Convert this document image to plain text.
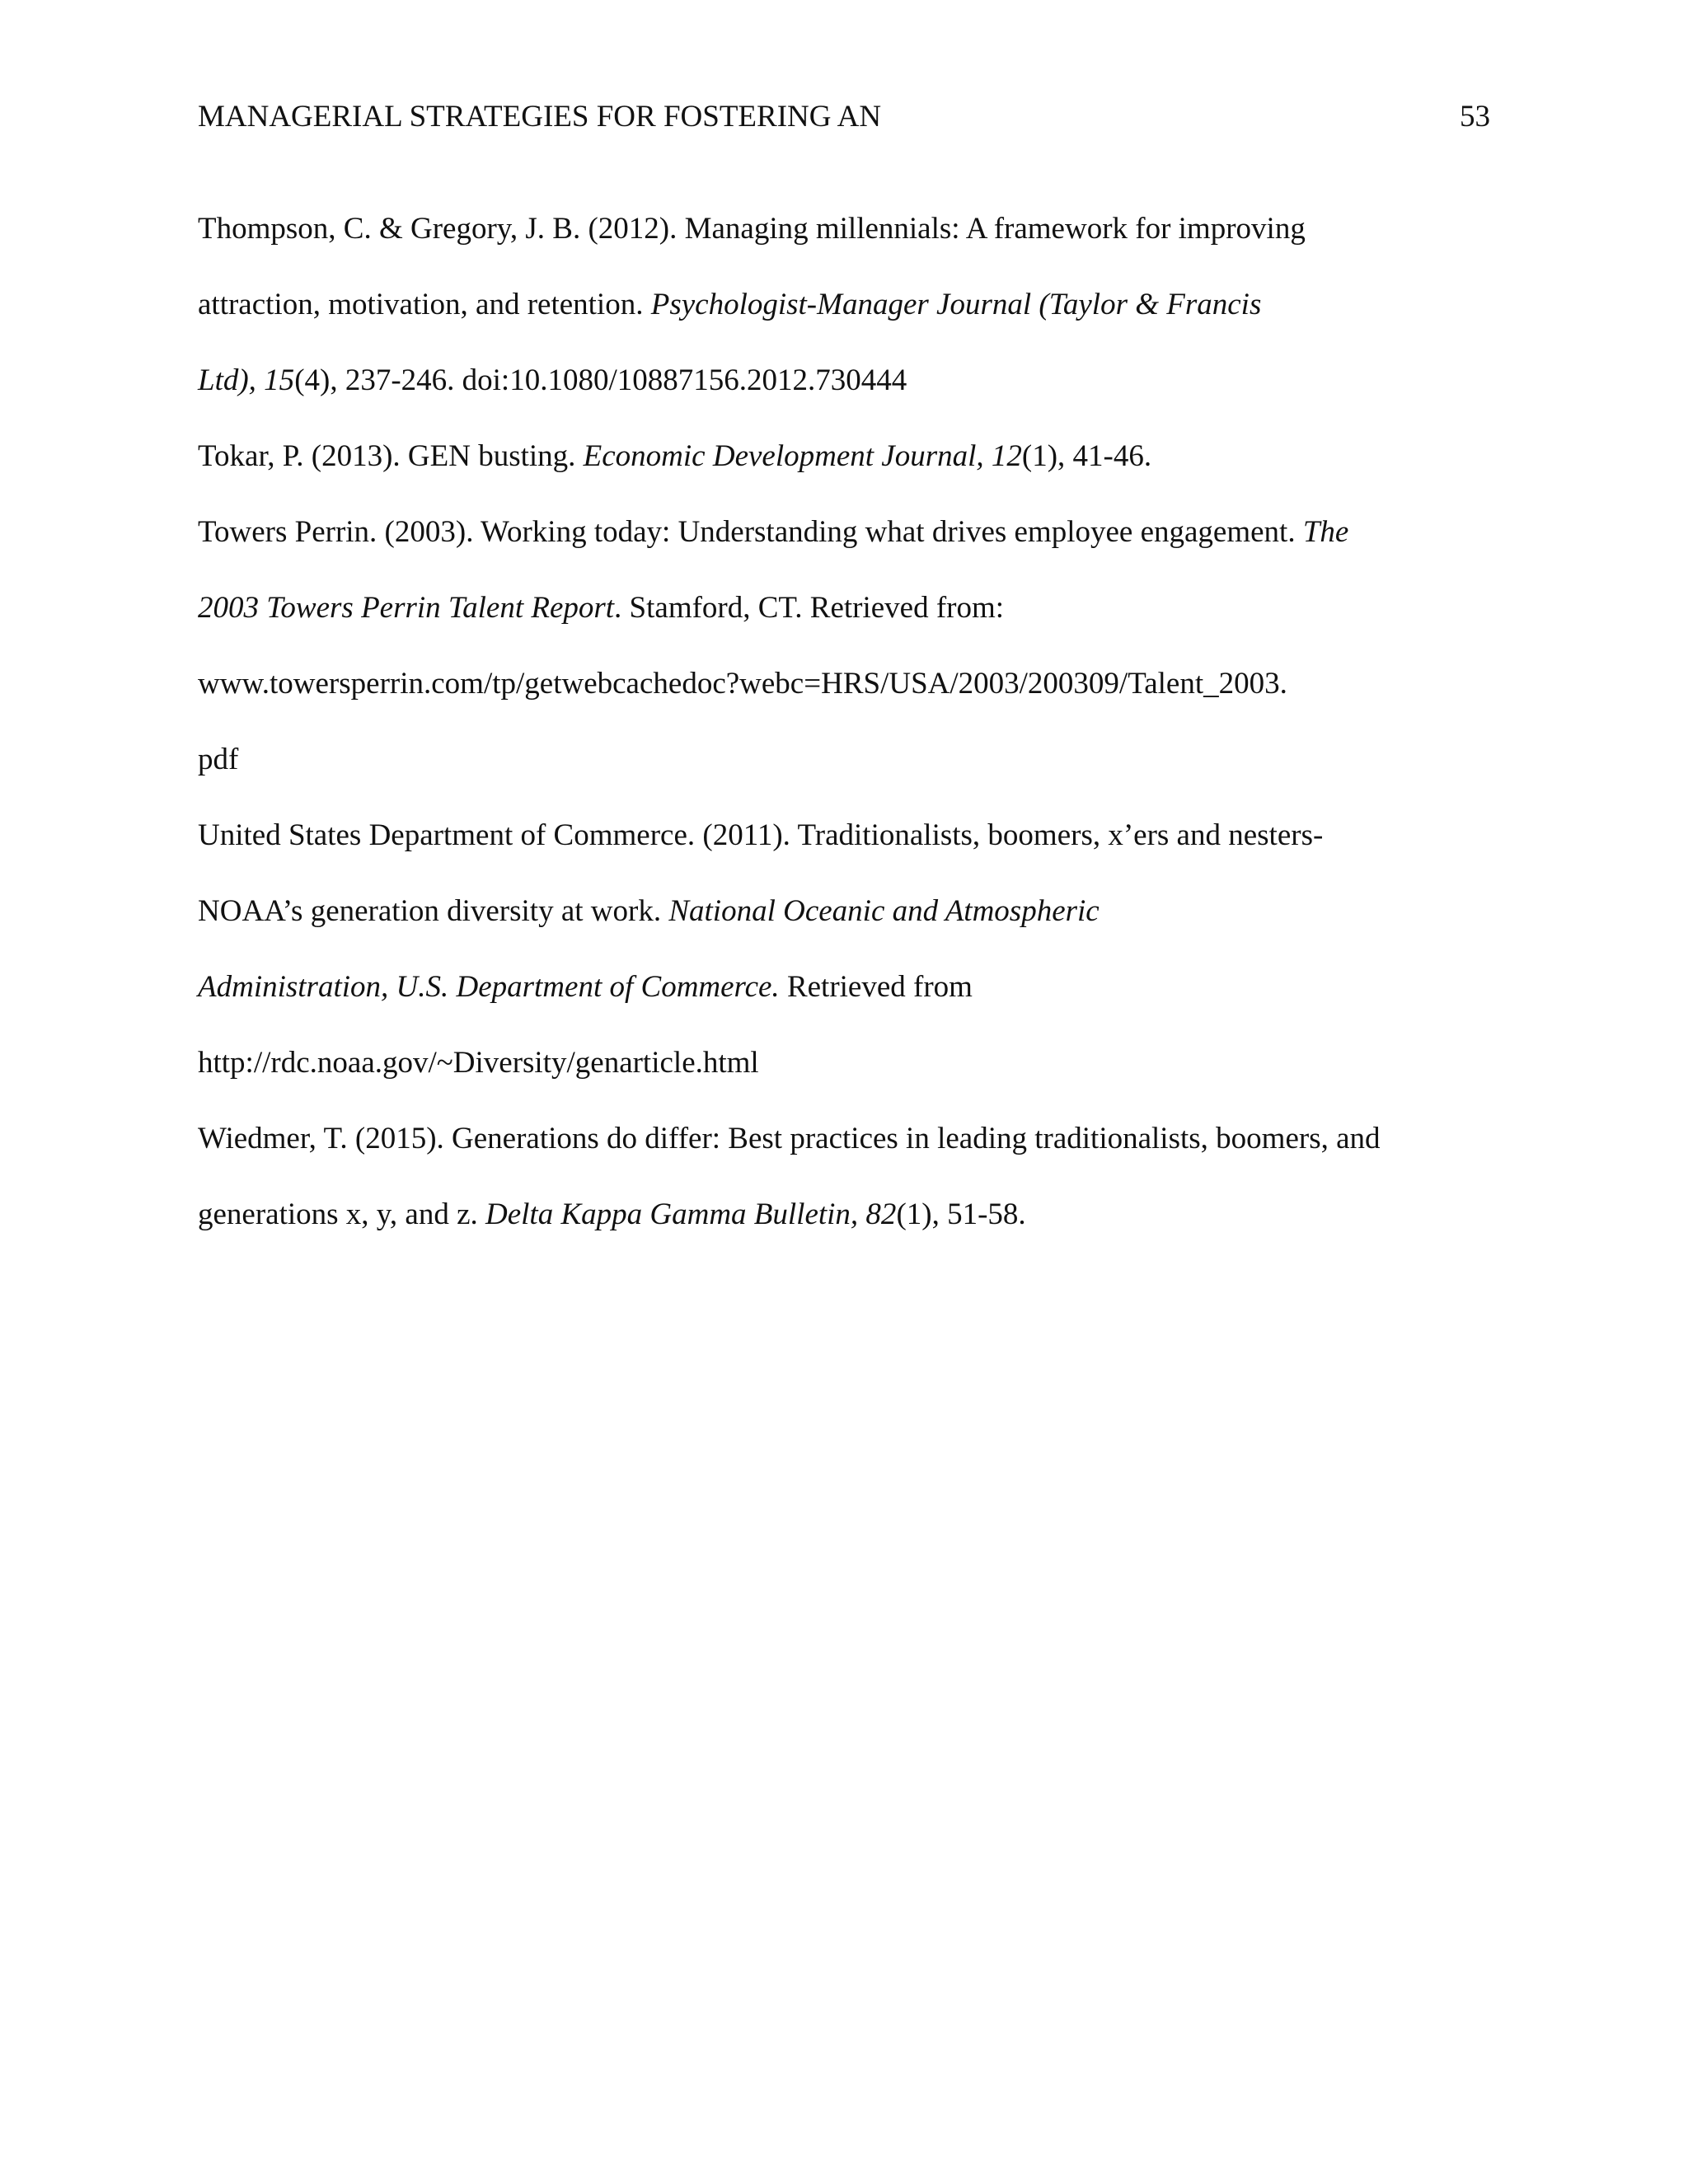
MANAGERIAL STRATEGIES FOR FOSTERING AN	53

Thompson, C. & Gregory, J. B. (2012). Managing millennials: A framework for improving
attraction, motivation, and retention. Psychologist-Manager Journal (Taylor & Francis
Ltd), 15(4), 237-246. doi:10.1080/10887156.2012.730444

Tokar, P. (2013). GEN busting. Economic Development Journal, 12(1), 41-46.

Towers Perrin. (2003). Working today: Understanding what drives employee engagement. The
2003 Towers Perrin Talent Report. Stamford, CT. Retrieved from:
www.towersperrin.com/tp/getwebcachedoc?webc=HRS/USA/2003/200309/Talent_2003.
pdf

United States Department of Commerce. (2011). Traditionalists, boomers, x’ers and nesters-
NOAA’s generation diversity at work. National Oceanic and Atmospheric
Administration, U.S. Department of Commerce. Retrieved from
http://rdc.noaa.gov/~Diversity/genarticle.html

Wiedmer, T. (2015). Generations do differ: Best practices in leading traditionalists, boomers, and
generations x, y, and z. Delta Kappa Gamma Bulletin, 82(1), 51-58.
